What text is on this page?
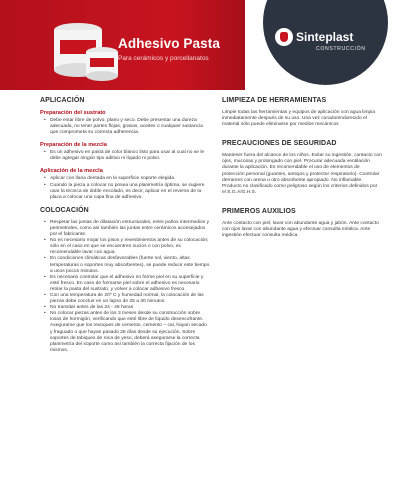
Adhesivo Pasta
Para cerámicos y porcellanatos
Sinteplast
CONSTRUCCIÓN
APLICACIÓN
Preparación del sustrato
• Debe estar libre de polvo, plano y seco. Debe presentar una dureza adecuada, no tener partes flojas, grasas, aceites o cualquier sustancia que comprometa su correcta adherencia.
Preparación de la mezcla
• Es un adhesivo en pasta de color blanco listo para usar al cual no se le debe agregar ningún tipo aditivo ni líquido ni polvo.
Aplicación de la mezcla
• Aplicar con llana dentada en la superficie soporte elegida.
• Cuando la pieza a colocar no posea una planimetría óptima, se sugiere usar la técnica de doble encolado, es decir, aplicar en el reverso de la placa a colocar una capa fina de adhesivo.
COLOCACIÓN
• Respetar las juntas de dilatación estructurales, entre paños intermedios y perimetrales, como así también las juntas entre cerámicos aconsejados por el fabricante.
• No es necesario mojar los pisos y revestimientos antes de su colocación; sólo en el caso en que se encuentren sucios o con polvo, es recomendable lavar con agua.
• En condiciones climáticas desfavorables (fuerte sol, viento, altas temperaturas o soportes muy absorbentes), se puede reducir este tiempo a unos pocos minutos.
• Es necesario controlar que el adhesivo no forme piel en su superficie y esté fresco. En caso de formarse piel sobre el adhesivo es necesario retirar la pasta del sustrato, y volver a colocar adhesivo fresco.
• Con una temperatura de 20º C y humedad normal, la colocación de las piezas debe concluir en un lapso de 25 a 30 minutos.
• No transitar antes de las 24 - 48 horas
• No colocar piezas antes de los 3 meses desde su construcción sobre losas de hormigón, verificando que esté libre de líquido desencofrante. Asegurarse que los revoques de cemento, cemento – cal, hayan secado y fraguado o que hayan pasado 28 días desde su ejecución. Sobre soportes de tabiques de roca de yeso, deberá asegurarse la correcta planimetría del soporte como así también la correcta fijación de los mismos.
LIMPIEZA DE HERRAMIENTAS

Limpie todas las herramientas y equipos de aplicación con agua limpia inmediatamente después de su uso. Una vez curado/endurecido el material sólo puede eliminarse por medios mecánicos

PRECAUCIONES DE SEGURIDAD

Mantener fuera del alcance de los niños. Evitar su ingestión, contacto con ojos, mucosas y prolongado con piel. Procurar adecuada ventilación durante la aplicación. Es recomendable el uso de elementos de protección personal (guantes, antiojos y protector respiratorio). Controlar derrames con arena u otro absorbente apropiado. No inflamable. Producto no clasificado como peligroso según los criterios definidos por el S.G.A/G.H.S.

PRIMEROS AUXILIOS

Ante contacto con piel, lavar con abundante agua y jabón. Ante contacto con ojos lavar con abundante agua y efectuar consulta médica. Ante ingestión efectuar consulta médica.
